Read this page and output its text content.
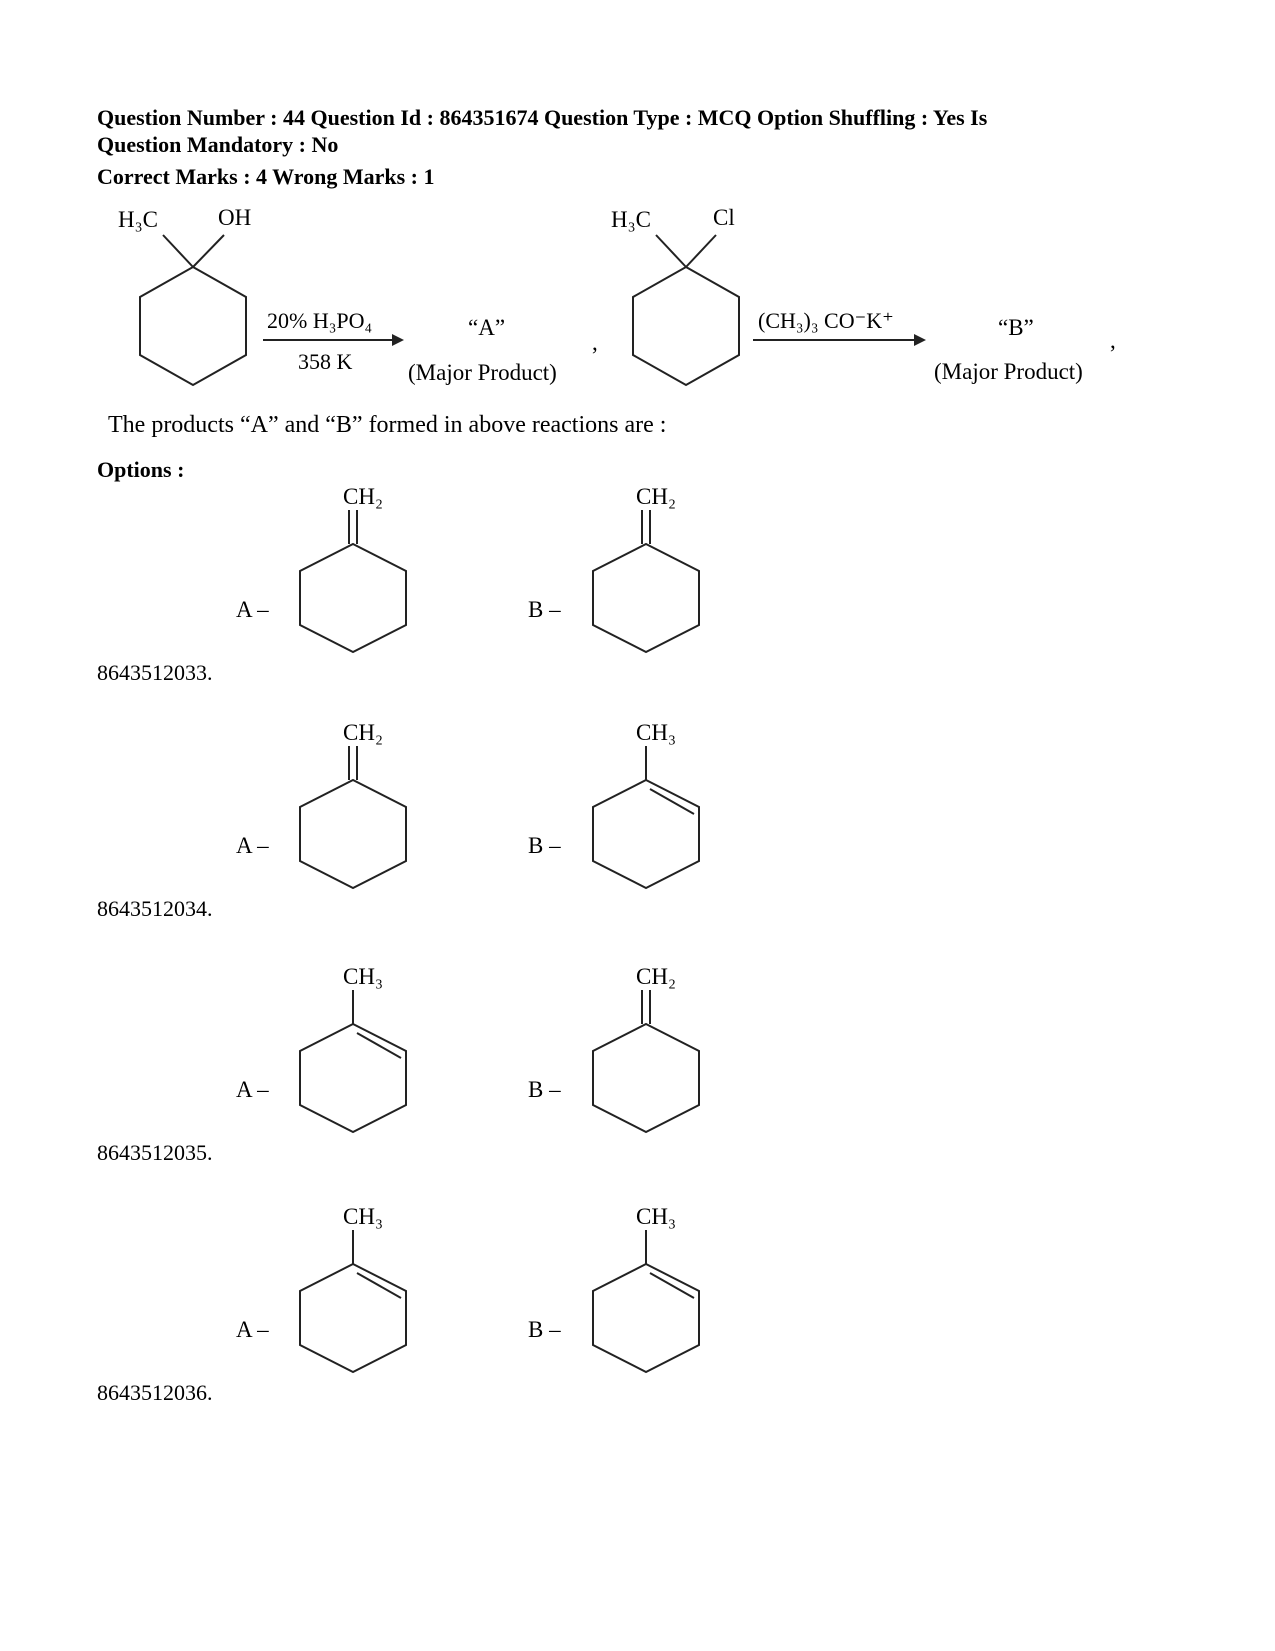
Question Number : 44 Question Id : 864351674 Question Type : MCQ Option Shuffling : Yes Is
Question Mandatory : No
Correct Marks : 4 Wrong Marks : 1
H₃C	OH
20% H₃PO₄
358 K
“A”
(Major Product)
,
H₃C	Cl
(CH₃)₃ CO⁻K⁺	“B”
(Major Product)
,
The products “A” and “B” formed in above reactions are :
Options :
CH₂	CH₂
A –	B –
8643512033.
CH₂	CH₃
A –	B –
8643512034.
CH₃	CH₂
A –	B –
8643512035.
CH₃	CH₃
A –	B –
8643512036.
